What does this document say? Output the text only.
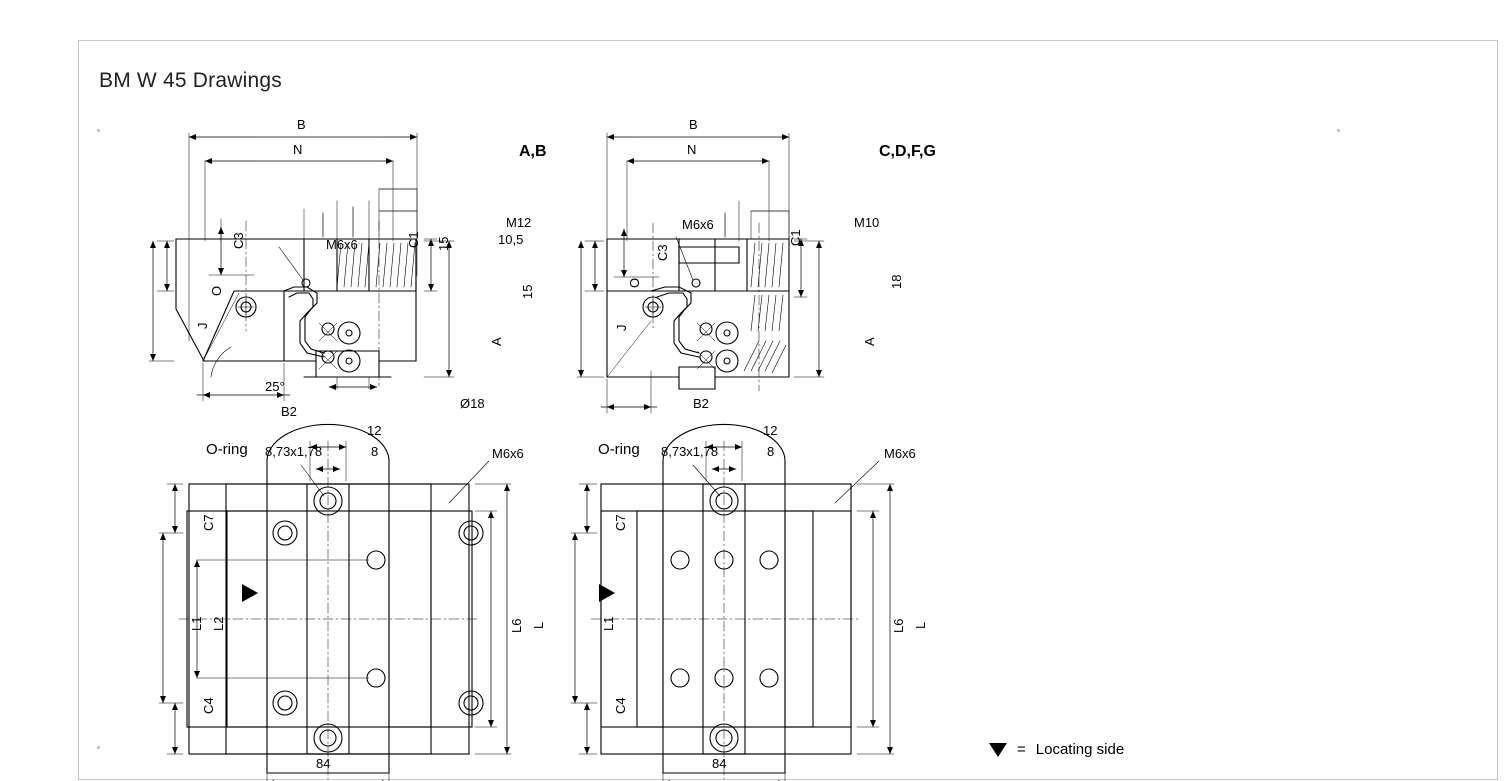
BM W 45 Drawings
B
N	A,B
C3
O
J
A
C1 15
M12
10,5
15
M6x6
25°
B2
Ø18
B
N	C,D,F,G
O
C3
J
A
C1
M6x6	M10
18
B2
O-ring 8,73x1,78
12
8	M6x6
C7
L1 L2
C4
L6 L
84
O-ring 8,73x1,78
12
8	M6x6
C7
L1
C4
L6 L
84
= Locating side
